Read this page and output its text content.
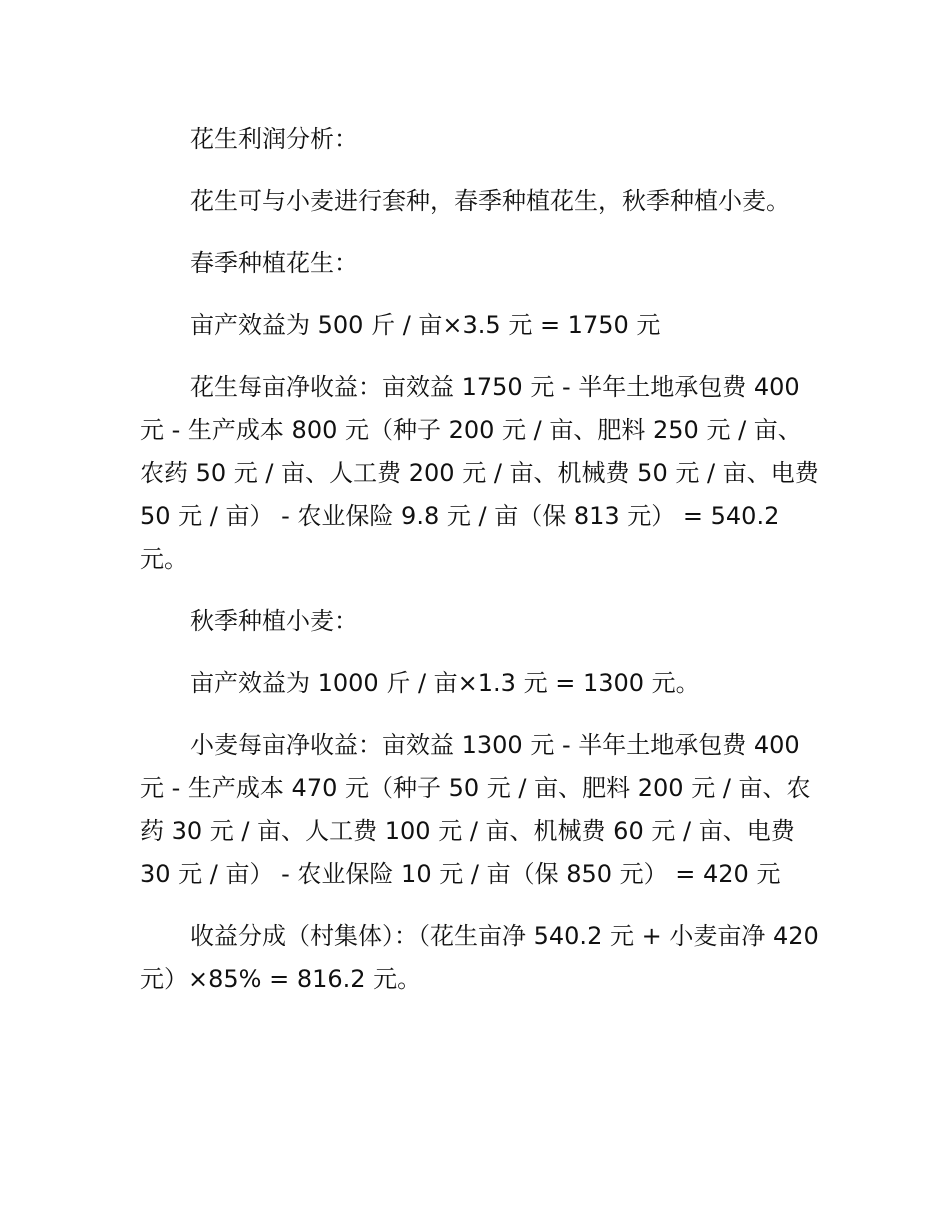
花生利润分析：

花生可与小麦进行套种，春季种植花生，秋季种植小麦。

春季种植花生：

亩产效益为 500 斤 / 亩×3.5 元 = 1750 元

花生每亩净收益：亩效益 1750 元 - 半年土地承包费 400 元 - 生产成本 800 元（种子 200 元 / 亩、肥料 250 元 / 亩、农药 50 元 / 亩、人工费 200 元 / 亩、机械费 50 元 / 亩、电费 50 元 / 亩） - 农业保险 9.8 元 / 亩（保 813 元） = 540.2 元。

秋季种植小麦：

亩产效益为 1000 斤 / 亩×1.3 元 = 1300 元。

小麦每亩净收益：亩效益 1300 元 - 半年土地承包费 400 元 - 生产成本 470 元（种子 50 元 / 亩、肥料 200 元 / 亩、农药 30 元 / 亩、人工费 100 元 / 亩、机械费 60 元 / 亩、电费 30 元 / 亩） - 农业保险 10 元 / 亩（保 850 元） = 420 元

收益分成（村集体）：（花生亩净 540.2 元 + 小麦亩净 420 元）×85% = 816.2 元。
